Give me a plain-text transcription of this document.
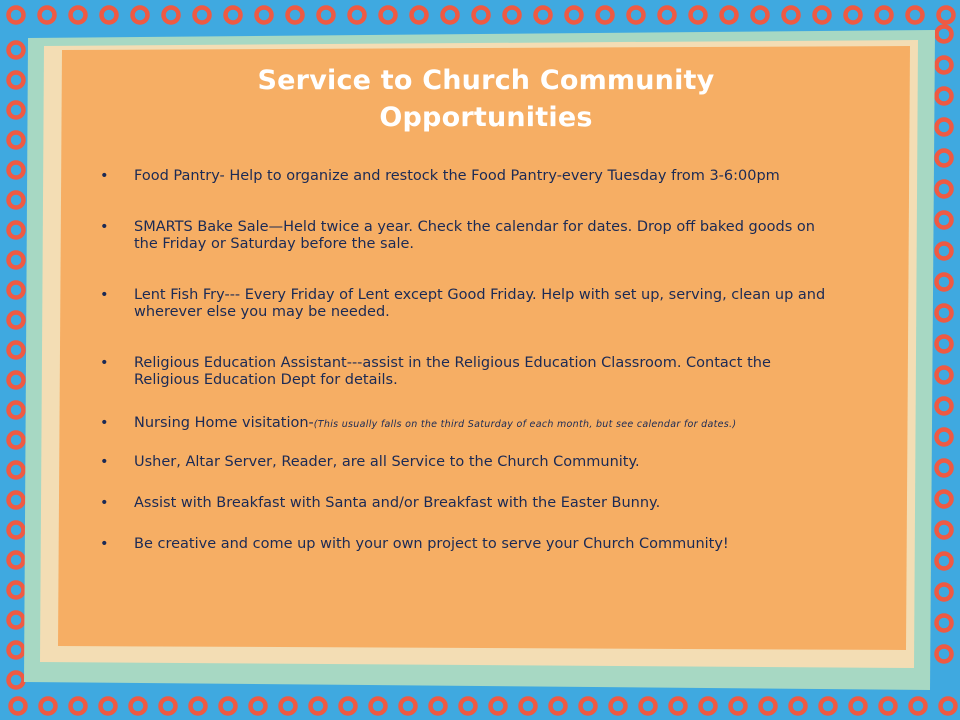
Service to Church Community
Opportunities
• Food Pantry- Help to organize and restock the Food Pantry-every Tuesday from 3-6:00pm
• SMARTS Bake Sale—Held twice a year. Check the calendar for dates. Drop off baked goods on the Friday or Saturday before the sale.
• Lent Fish Fry--- Every Friday of Lent except Good Friday. Help with set up, serving, clean up and wherever else you may be needed.
• Religious Education Assistant---assist in the Religious Education Classroom. Contact the Religious Education Dept for details.
• Nursing Home visitation-(This usually falls on the third Saturday of each month, but see calendar for dates.)
• Usher, Altar Server, Reader, are all Service to the Church Community.
• Assist with Breakfast with Santa and/or Breakfast with the Easter Bunny.
• Be creative and come up with your own project to serve your Church Community!
